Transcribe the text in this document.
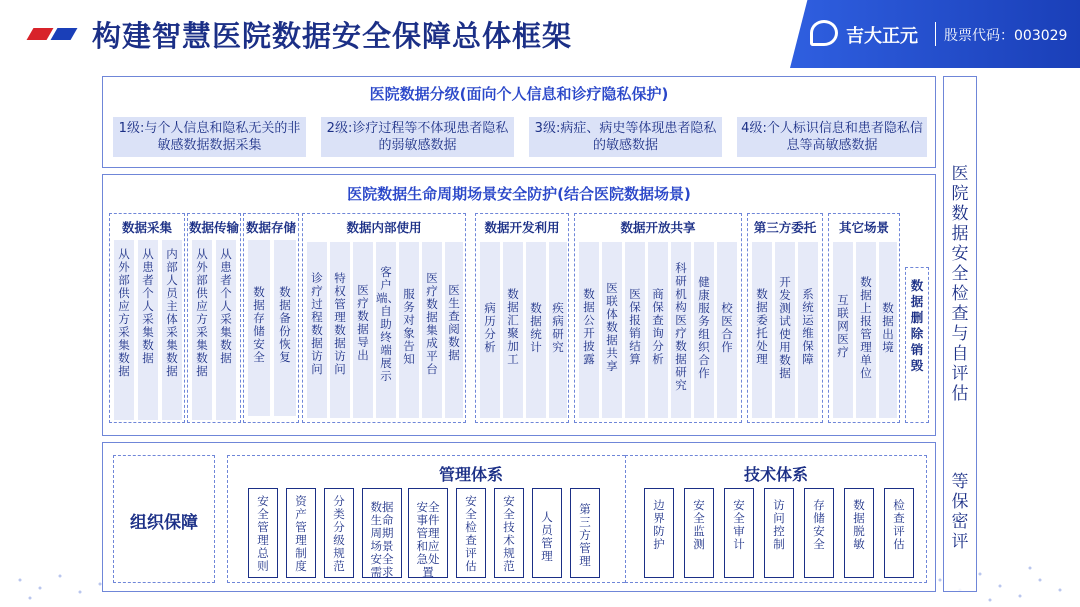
构建智慧医院数据安全保障总体框架	吉大正元 股票代码：003029
医院数据分级(面向个人信息和诊疗隐私保护)
1级:与个人信息和隐私无关的非敏感数据数据采集
2级:诊疗过程等不体现患者隐私的弱敏感数据
3级:病症、病史等体现患者隐私的敏感数据
4级:个人标识信息和患者隐私信息等高敏感数据
医院数据生命周期场景安全防护(结合医院数据场景)
数据采集
从外部供应方采集数据
从患者个人采集数据
内部人员主体采集数据
数据传输
从外部供应方采集数据
从患者个人采集数据
数据存储
数据存储安全
数据备份恢复
数据内部使用
诊疗过程数据访问
特权管理数据访问
医疗数据导出
客户端、自助终端展示
服务对象告知
医疗数据集成平台
医生查阅数据
数据开发利用
病历分析
数据汇聚加工
数据统计
疾病研究
数据开放共享
数据公开披露
医联体数据共享
医保报销结算
商保查询分析
科研机构医疗数据研究
健康服务组织合作
校医合作
第三方委托
数据委托处理
开发测试使用数据
系统运维保障
其它场景
互联网医疗
数据上报管理单位
数据出境
数据删除销毁
医院数据安全检查与自评估
等保密评
组织保障
管理体系
安全管理总则
资产管理制度
分类分级规范
数据生命周期场景安全需求
安全事件管理和应急处置
安全检查评估
安全技术规范
人员管理
第三方管理
技术体系
边界防护
安全监测
安全审计
访问控制
存储安全
数据脱敏
检查评估
